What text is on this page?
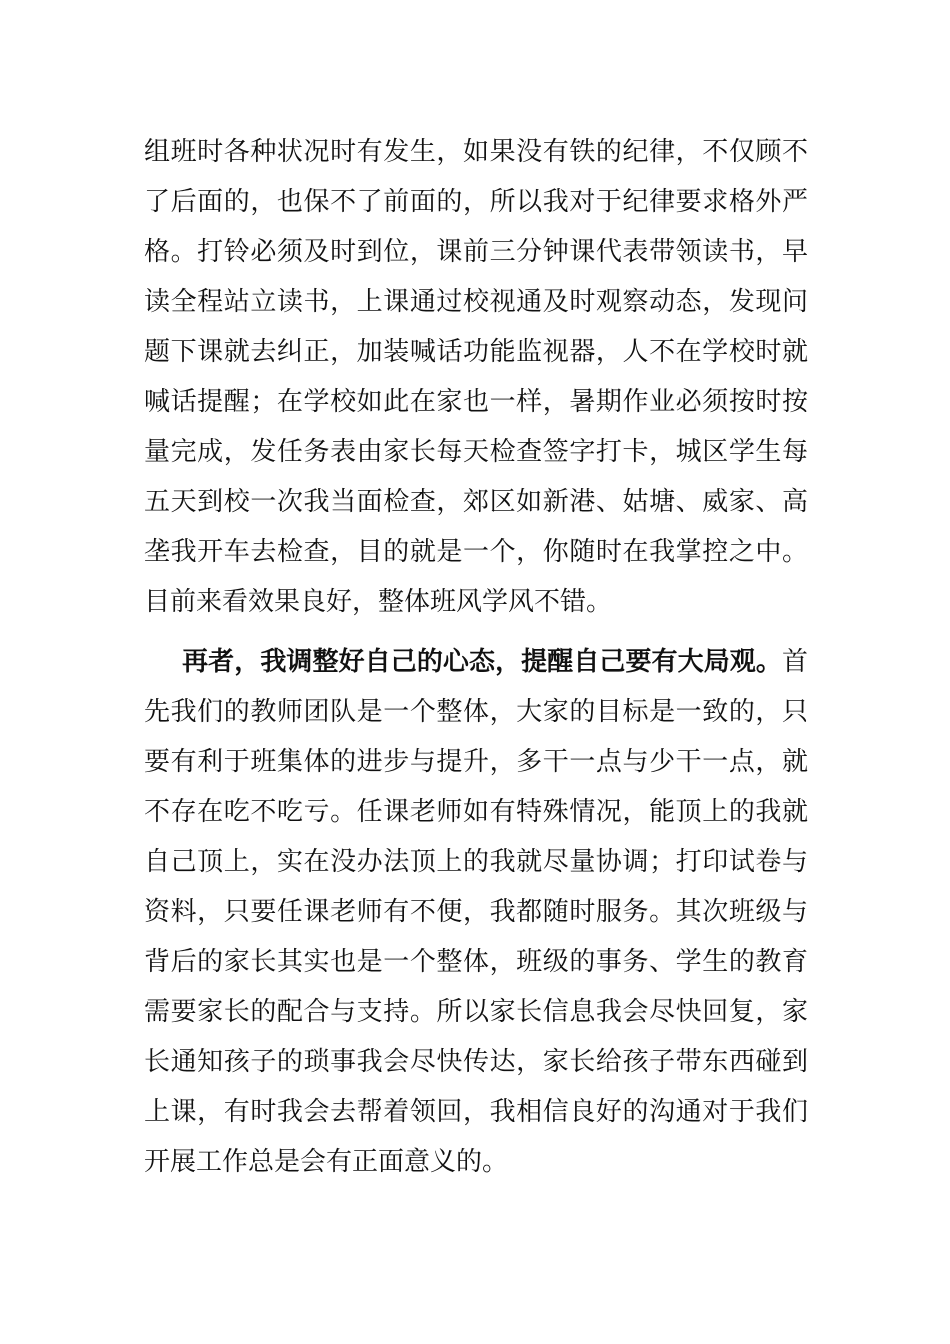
组班时各种状况时有发生，如果没有铁的纪律，不仅顾不
了后面的，也保不了前面的，所以我对于纪律要求格外严
格。打铃必须及时到位，课前三分钟课代表带领读书，早
读全程站立读书，上课通过校视通及时观察动态，发现问
题下课就去纠正，加装喊话功能监视器，人不在学校时就
喊话提醒；在学校如此在家也一样，暑期作业必须按时按
量完成，发任务表由家长每天检查签字打卡，城区学生每
五天到校一次我当面检查，郊区如新港、姑塘、威家、高
垄我开车去检查，目的就是一个，你随时在我掌控之中。
目前来看效果良好，整体班风学风不错。
再者，我调整好自己的心态，提醒自己要有大局观。首
先我们的教师团队是一个整体，大家的目标是一致的，只
要有利于班集体的进步与提升，多干一点与少干一点，就
不存在吃不吃亏。任课老师如有特殊情况，能顶上的我就
自己顶上，实在没办法顶上的我就尽量协调；打印试卷与
资料，只要任课老师有不便，我都随时服务。其次班级与
背后的家长其实也是一个整体，班级的事务、学生的教育
需要家长的配合与支持。所以家长信息我会尽快回复，家
长通知孩子的琐事我会尽快传达，家长给孩子带东西碰到
上课，有时我会去帮着领回，我相信良好的沟通对于我们
开展工作总是会有正面意义的。
